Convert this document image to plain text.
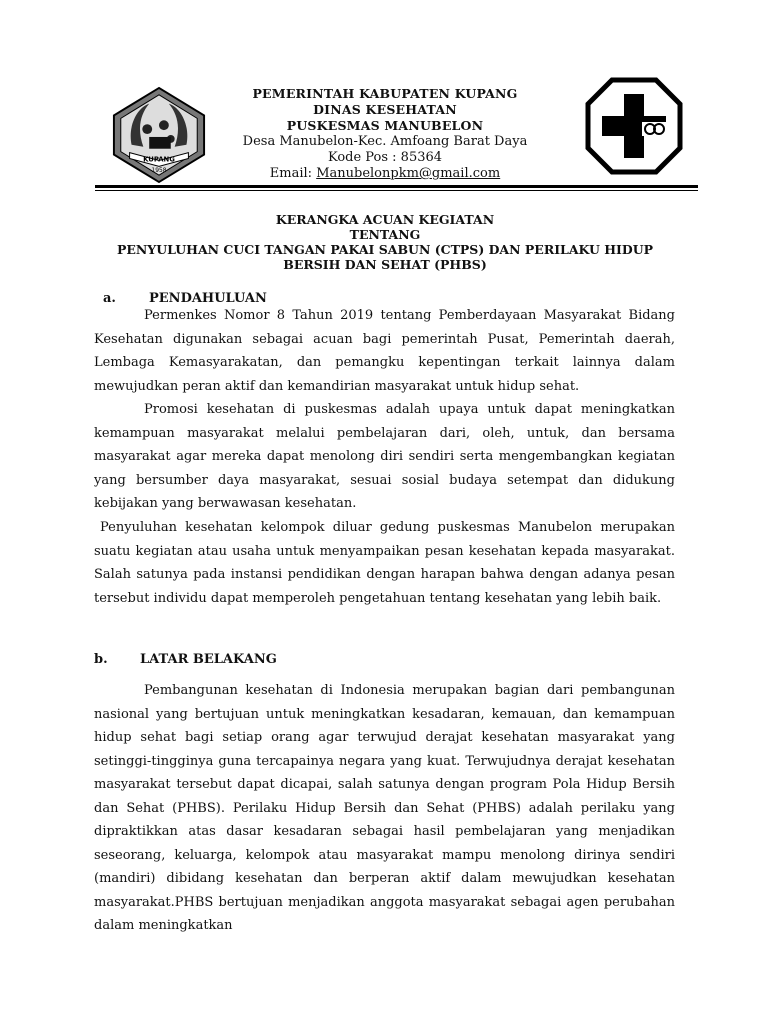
KUPANG
1958
PEMERINTAH KABUPATEN KUPANG
DINAS KESEHATAN
PUSKESMAS MANUBELON
Desa Manubelon-Kec. Amfoang Barat Daya
Kode Pos : 85364
Email: Manubelonpkm@gmail.com
KERANGKA ACUAN KEGIATAN
TENTANG
PENYULUHAN CUCI TANGAN PAKAI SABUN (CTPS) DAN PERILAKU HIDUP
BERSIH DAN SEHAT (PHBS)
a.	PENDAHULUAN

Permenkes Nomor 8 Tahun 2019 tentang Pemberdayaan Masyarakat Bidang Kesehatan digunakan sebagai acuan bagi pemerintah Pusat, Pemerintah daerah, Lembaga Kemasyarakatan, dan pemangku kepentingan terkait lainnya dalam mewujudkan peran aktif dan kemandirian masyarakat untuk hidup sehat.

Promosi kesehatan di puskesmas adalah upaya untuk dapat meningkatkan kemampuan masyarakat melalui pembelajaran dari, oleh, untuk, dan bersama masyarakat agar mereka dapat menolong diri sendiri serta mengembangkan kegiatan yang bersumber daya masyarakat, sesuai sosial budaya setempat dan didukung kebijakan yang berwawasan kesehatan.

Penyuluhan kesehatan kelompok diluar gedung puskesmas Manubelon merupakan suatu kegiatan atau usaha untuk menyampaikan pesan kesehatan kepada masyarakat. Salah satunya pada instansi pendidikan dengan harapan bahwa dengan adanya pesan tersebut individu dapat memperoleh pengetahuan tentang kesehatan yang lebih baik.

b. LATAR BELAKANG

Pembangunan kesehatan di Indonesia merupakan bagian dari pembangunan nasional yang bertujuan untuk meningkatkan kesadaran, kemauan, dan kemampuan hidup sehat bagi setiap orang agar terwujud derajat kesehatan masyarakat yang setinggi-tingginya guna tercapainya negara yang kuat. Terwujudnya derajat kesehatan masyarakat tersebut dapat dicapai, salah satunya dengan program Pola Hidup Bersih dan Sehat (PHBS). Perilaku Hidup Bersih dan Sehat (PHBS) adalah perilaku yang dipraktikkan atas dasar kesadaran sebagai hasil pembelajaran yang menjadikan seseorang, keluarga, kelompok atau masyarakat mampu menolong dirinya sendiri (mandiri) dibidang kesehatan dan berperan aktif dalam mewujudkan kesehatan masyarakat.PHBS bertujuan menjadikan anggota masyarakat sebagai agen perubahan dalam meningkatkan
